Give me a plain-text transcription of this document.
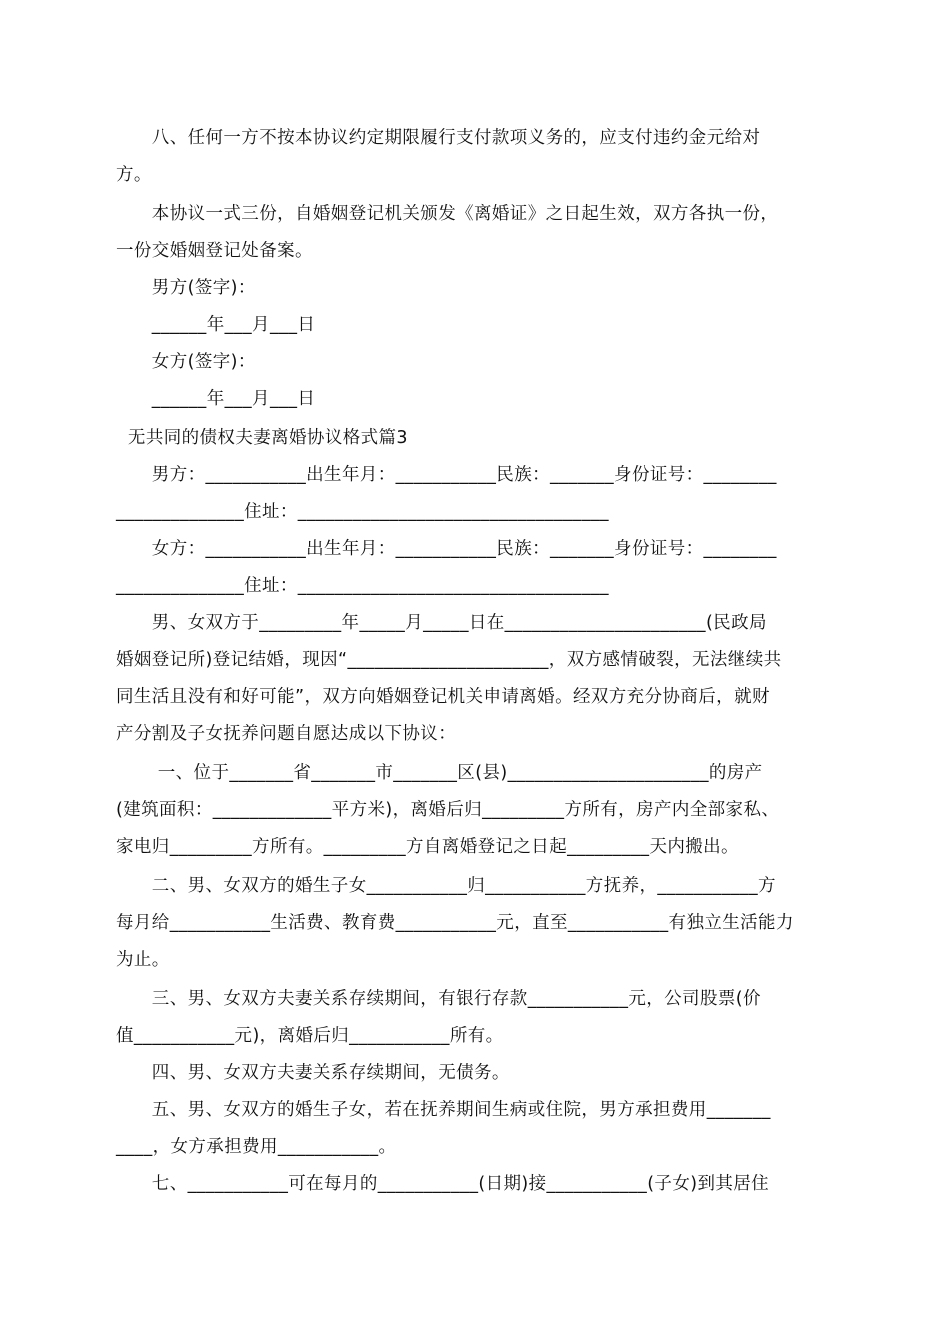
　　八、任何一方不按本协议约定期限履行支付款项义务的，应支付违约金元给对
方。
　　本协议一式三份，自婚姻登记机关颁发《离婚证》之日起生效，双方各执一份，
一份交婚姻登记处备案。
　　男方(签字)：
　　______年___月___日
　　女方(签字)：
　　______年___月___日
无共同的债权夫妻离婚协议格式篇3
　　男方：___________出生年月：___________民族：_______身份证号：________
______________住址：__________________________________
　　女方：___________出生年月：___________民族：_______身份证号：________
______________住址：__________________________________
　　男、女双方于_________年_____月_____日在______________________(民政局
婚姻登记所)登记结婚，现因“______________________，双方感情破裂，无法继续共
同生活且没有和好可能”，双方向婚姻登记机关申请离婚。经双方充分协商后，就财
产分割及子女抚养问题自愿达成以下协议：
　　 一、位于_______省_______市_______区(县)______________________的房产
(建筑面积：_____________平方米)，离婚后归_________方所有，房产内全部家私、
家电归_________方所有。_________方自离婚登记之日起_________天内搬出。
　　二、男、女双方的婚生子女___________归___________方抚养，___________方
每月给___________生活费、教育费___________元，直至___________有独立生活能力
为止。
　　三、男、女双方夫妻关系存续期间，有银行存款___________元，公司股票(价
值___________元)，离婚后归___________所有。
　　四、男、女双方夫妻关系存续期间，无债务。
　　五、男、女双方的婚生子女，若在抚养期间生病或住院，男方承担费用_______
____，女方承担费用___________。
　　七、___________可在每月的___________(日期)接___________(子女)到其居住
